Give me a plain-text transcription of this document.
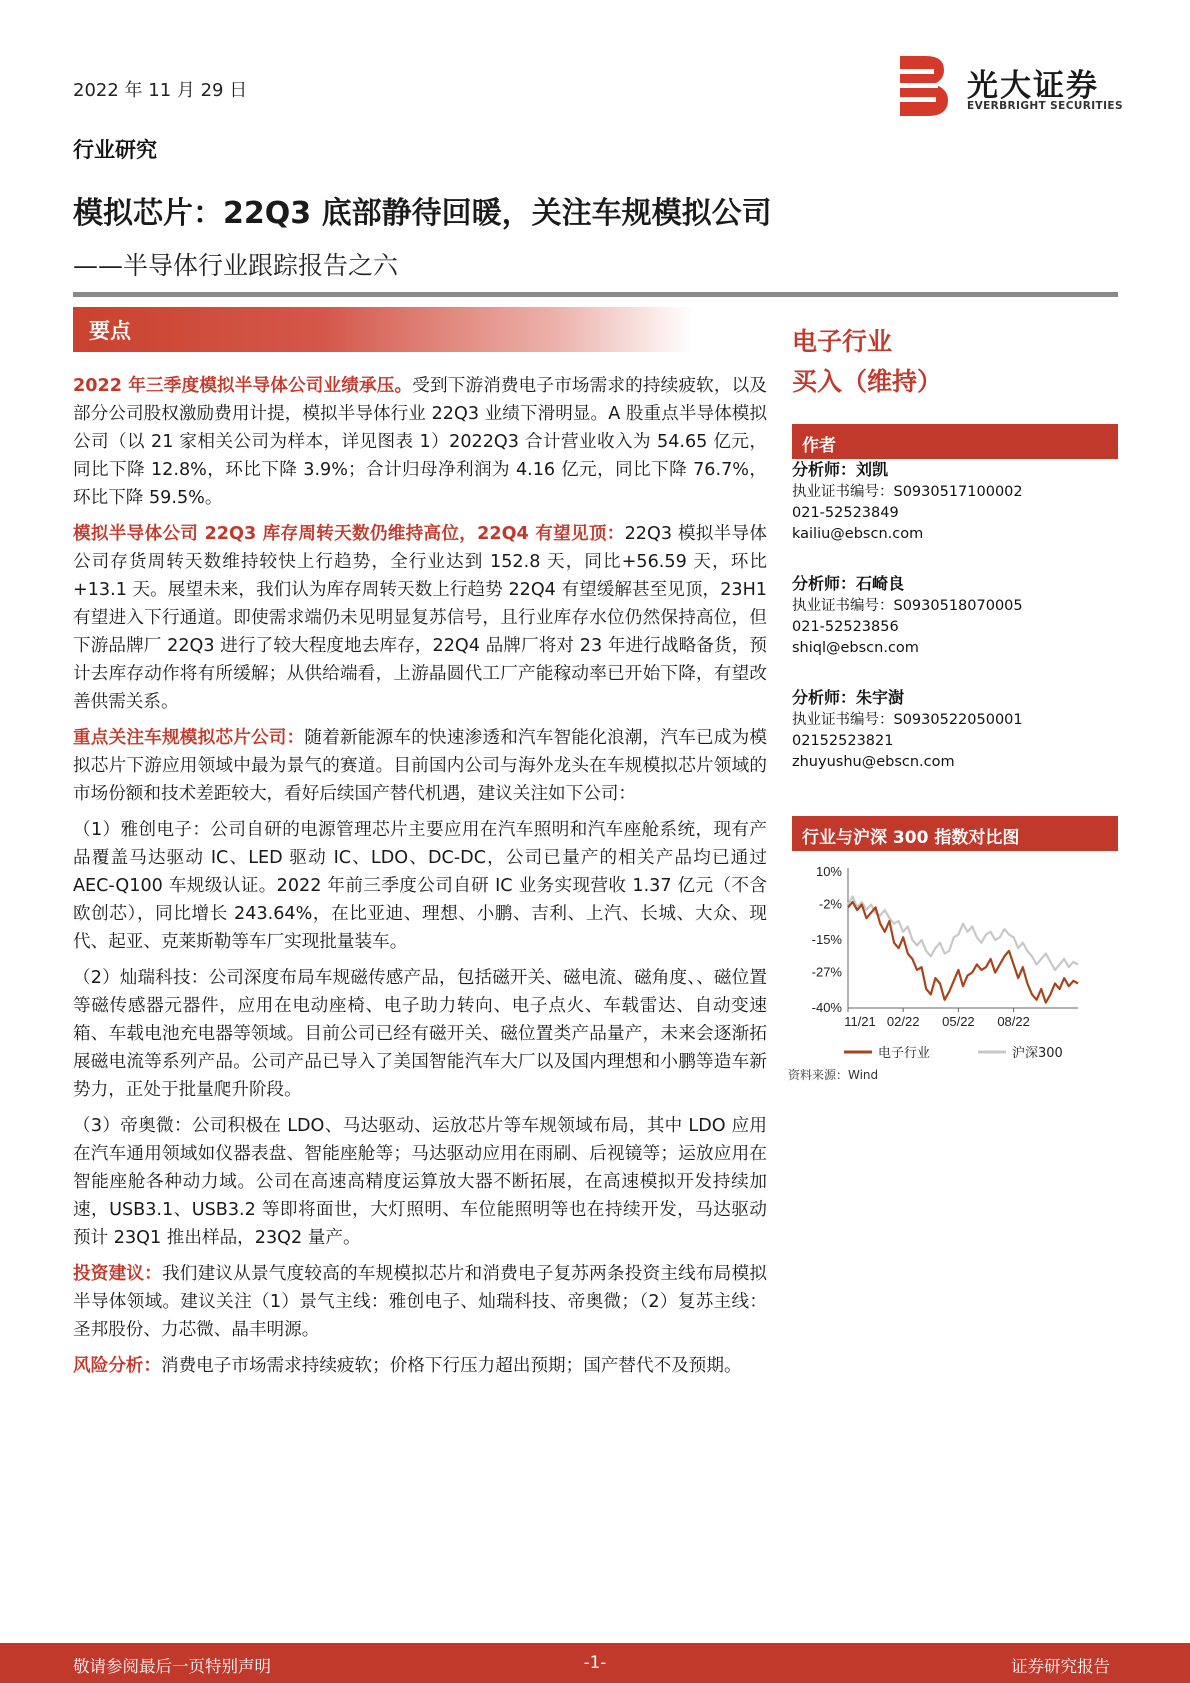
2022 年 11 月 29 日	光大证券
EVERBRIGHT SECURITIES
行业研究
模拟芯片：22Q3 底部静待回暖，关注车规模拟公司
——半导体行业跟踪报告之六
要点

2022 年三季度模拟半导体公司业绩承压。受到下游消费电子市场需求的持续疲软，以及部分公司股权激励费用计提，模拟半导体行业 22Q3 业绩下滑明显。A 股重点半导体模拟公司（以 21 家相关公司为样本，详见图表 1）2022Q3 合计营业收入为 54.65 亿元，同比下降 12.8%，环比下降 3.9%；合计归母净利润为 4.16 亿元，同比下降 76.7%，环比下降 59.5%。

模拟半导体公司 22Q3 库存周转天数仍维持高位，22Q4 有望见顶：22Q3 模拟半导体公司存货周转天数维持较快上行趋势，全行业达到 152.8 天，同比+56.59 天，环比+13.1 天。展望未来，我们认为库存周转天数上行趋势 22Q4 有望缓解甚至见顶，23H1 有望进入下行通道。即使需求端仍未见明显复苏信号，且行业库存水位仍然保持高位，但下游品牌厂 22Q3 进行了较大程度地去库存，22Q4 品牌厂将对 23 年进行战略备货，预计去库存动作将有所缓解；从供给端看，上游晶圆代工厂产能稼动率已开始下降，有望改善供需关系。

重点关注车规模拟芯片公司：随着新能源车的快速渗透和汽车智能化浪潮，汽车已成为模拟芯片下游应用领域中最为景气的赛道。目前国内公司与海外龙头在车规模拟芯片领域的市场份额和技术差距较大，看好后续国产替代机遇，建议关注如下公司：

（1）雅创电子：公司自研的电源管理芯片主要应用在汽车照明和汽车座舱系统，现有产品覆盖马达驱动 IC、LED 驱动 IC、LDO、DC-DC，公司已量产的相关产品均已通过 AEC-Q100 车规级认证。2022 年前三季度公司自研 IC 业务实现营收 1.37 亿元（不含欧创芯），同比增长 243.64%，在比亚迪、理想、小鹏、吉利、上汽、长城、大众、现代、起亚、克莱斯勒等车厂实现批量装车。

（2）灿瑞科技：公司深度布局车规磁传感产品，包括磁开关、磁电流、磁角度、、磁位置等磁传感器元器件，应用在电动座椅、电子助力转向、电子点火、车载雷达、自动变速箱、车载电池充电器等领域。目前公司已经有磁开关、磁位置类产品量产，未来会逐渐拓展磁电流等系列产品。公司产品已导入了美国智能汽车大厂以及国内理想和小鹏等造车新势力，正处于批量爬升阶段。

（3）帝奥微：公司积极在 LDO、马达驱动、运放芯片等车规领域布局，其中 LDO 应用在汽车通用领域如仪器表盘、智能座舱等；马达驱动应用在雨刷、后视镜等；运放应用在智能座舱各种动力域。公司在高速高精度运算放大器不断拓展，在高速模拟开发持续加速，USB3.1、USB3.2 等即将面世，大灯照明、车位能照明等也在持续开发，马达驱动预计 23Q1 推出样品，23Q2 量产。

投资建议：我们建议从景气度较高的车规模拟芯片和消费电子复苏两条投资主线布局模拟半导体领域。建议关注（1）景气主线：雅创电子、灿瑞科技、帝奥微；（2）复苏主线：圣邦股份、力芯微、晶丰明源。

风险分析：消费电子市场需求持续疲软；价格下行压力超出预期；国产替代不及预期。

电子行业
买入（维持）
作者
分析师：刘凯
执业证书编号：S0930517100002
021-52523849
kailiu@ebscn.com
分析师：石崎良
执业证书编号：S0930518070005
021-52523856
shiql@ebscn.com
分析师：朱宇澍
执业证书编号：S0930522050001
02152523821
zhuyushu@ebscn.com
行业与沪深 300 指数对比图
10%
-2%
-15%
-27%
-40%
11/21 02/22 05/22 08/22
电子行业	沪深300
资料来源：Wind
敬请参阅最后一页特别声明	-1-	证券研究报告
